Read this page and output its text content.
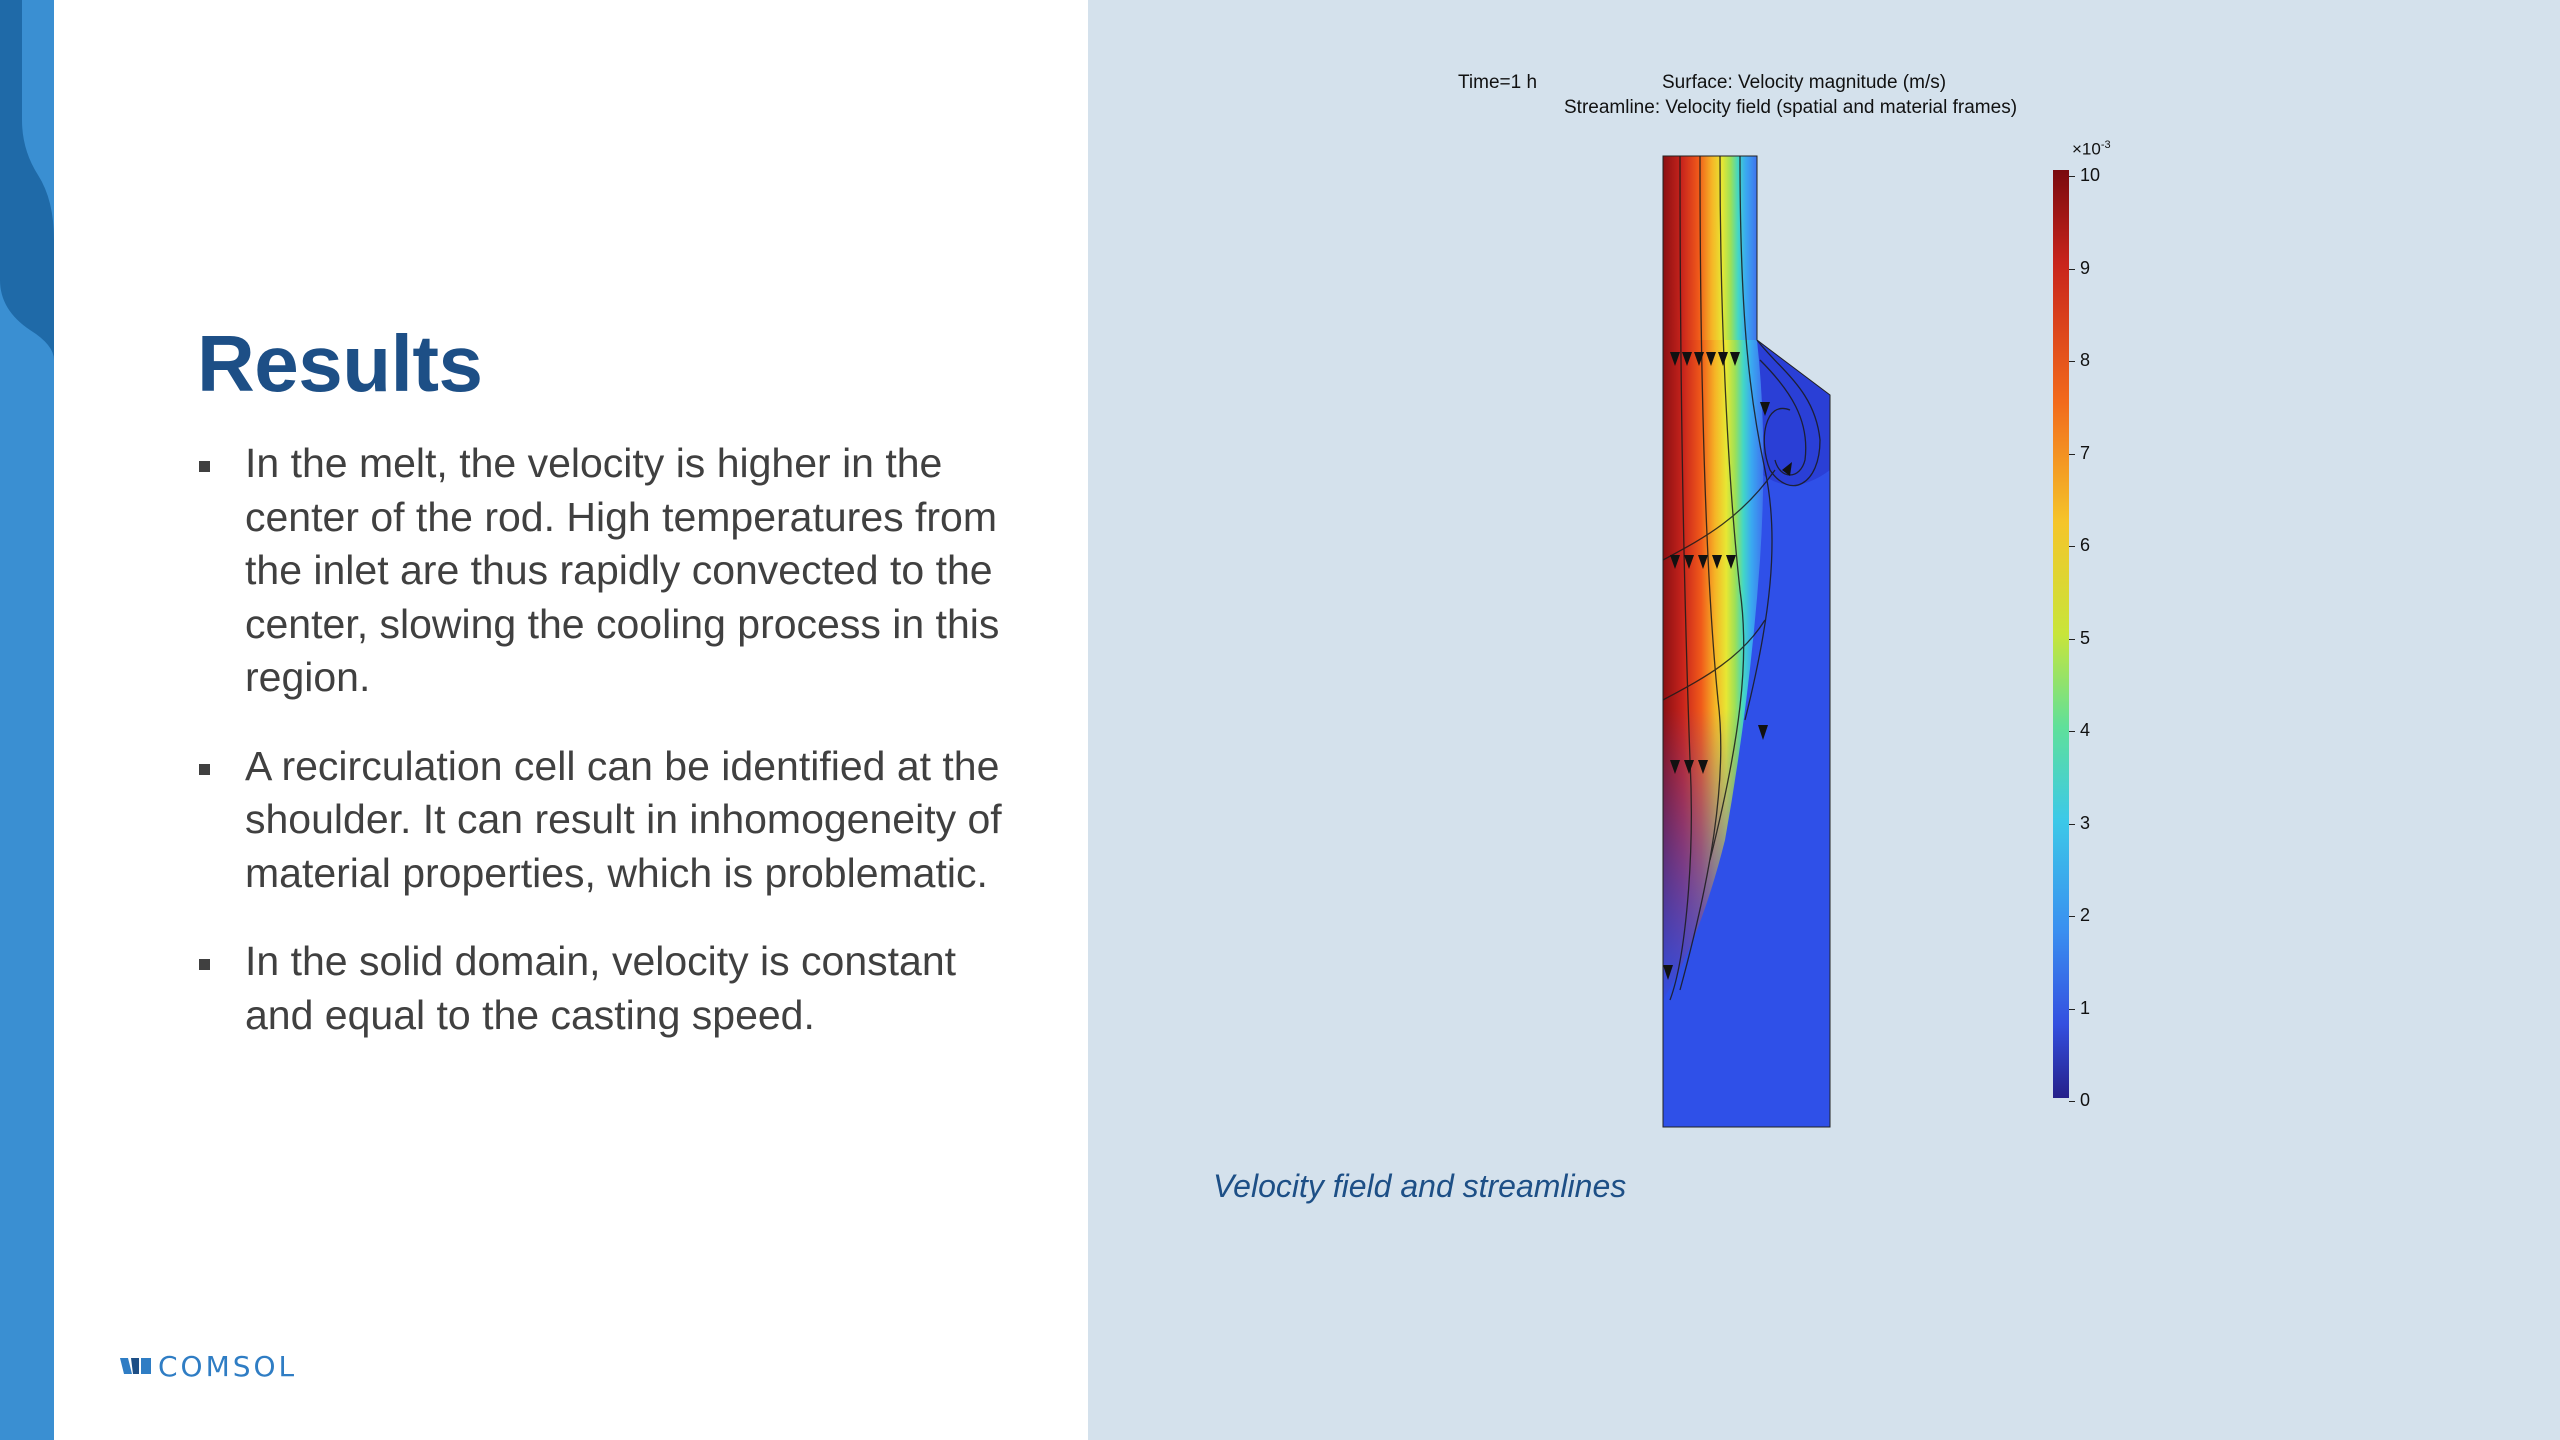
Results
In the melt, the velocity is higher in the center of the rod. High temperatures from the inlet are thus rapidly convected to the center, slowing the cooling process in this region.
A recirculation cell can be identified at the shoulder. It can result in inhomogeneity of material properties, which is problematic.
In the solid domain, velocity is constant and equal to the casting speed.
COMSOL
Time=1 h	Surface: Velocity magnitude (m/s)
Streamline: Velocity field (spatial and material frames)
$\times 10^{-3}$
10
9
8
7
6
5
4
3
2
1
0
Velocity field and streamlines
